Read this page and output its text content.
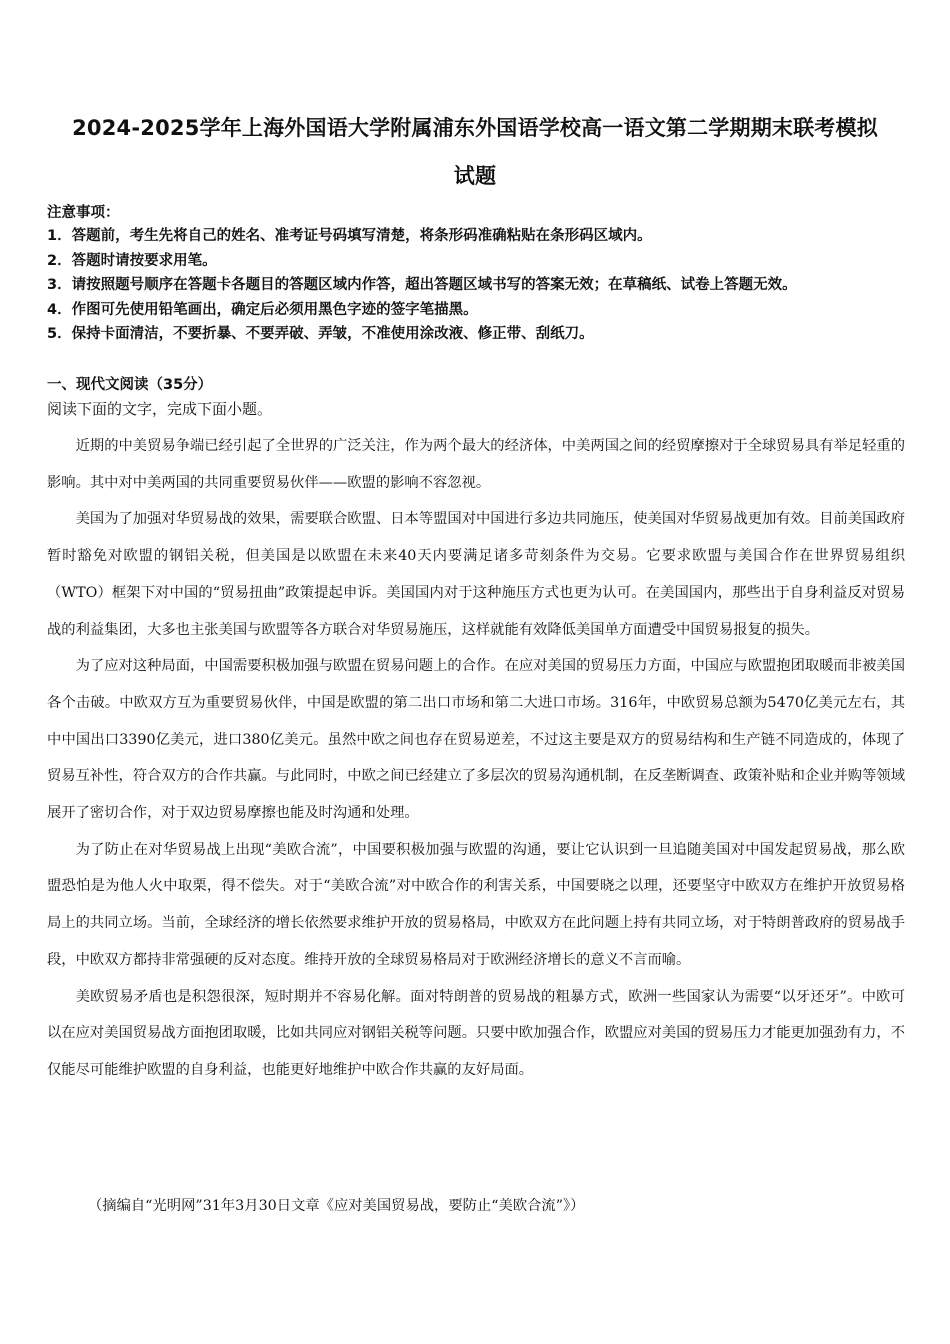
2024-2025学年上海外国语大学附属浦东外国语学校高一语文第二学期期末联考模拟
试题
注意事项：
1．答题前，考生先将自己的姓名、准考证号码填写清楚，将条形码准确粘贴在条形码区域内。
2．答题时请按要求用笔。
3．请按照题号顺序在答题卡各题目的答题区域内作答，超出答题区域书写的答案无效；在草稿纸、试卷上答题无效。
4．作图可先使用铅笔画出，确定后必须用黑色字迹的签字笔描黑。
5．保持卡面清洁，不要折暴、不要弄破、弄皱，不准使用涂改液、修正带、刮纸刀。
一、现代文阅读（35分）
阅读下面的文字，完成下面小题。

近期的中美贸易争端已经引起了全世界的广泛关注，作为两个最大的经济体，中美两国之间的经贸摩擦对于全球贸易具有举足轻重的影响。其中对中美两国的共同重要贸易伙伴——欧盟的影响不容忽视。

美国为了加强对华贸易战的效果，需要联合欧盟、日本等盟国对中国进行多边共同施压，使美国对华贸易战更加有效。目前美国政府暂时豁免对欧盟的钢铝关税，但美国是以欧盟在未来40天内要满足诸多苛刻条件为交易。它要求欧盟与美国合作在世界贸易组织（WTO）框架下对中国的“贸易扭曲”政策提起申诉。美国国内对于这种施压方式也更为认可。在美国国内，那些出于自身利益反对贸易战的利益集团，大多也主张美国与欧盟等各方联合对华贸易施压，这样就能有效降低美国单方面遭受中国贸易报复的损失。

为了应对这种局面，中国需要积极加强与欧盟在贸易问题上的合作。在应对美国的贸易压力方面，中国应与欧盟抱团取暖而非被美国各个击破。中欧双方互为重要贸易伙伴，中国是欧盟的第二出口市场和第二大进口市场。316年，中欧贸易总额为5470亿美元左右，其中中国出口3390亿美元，进口380亿美元。虽然中欧之间也存在贸易逆差，不过这主要是双方的贸易结构和生产链不同造成的，体现了贸易互补性，符合双方的合作共赢。与此同时，中欧之间已经建立了多层次的贸易沟通机制，在反垄断调查、政策补贴和企业并购等领域展开了密切合作，对于双边贸易摩擦也能及时沟通和处理。

为了防止在对华贸易战上出现“美欧合流”，中国要积极加强与欧盟的沟通，要让它认识到一旦追随美国对中国发起贸易战，那么欧盟恐怕是为他人火中取栗，得不偿失。对于“美欧合流”对中欧合作的利害关系，中国要晓之以理，还要坚守中欧双方在维护开放贸易格局上的共同立场。当前，全球经济的增长依然要求维护开放的贸易格局，中欧双方在此问题上持有共同立场，对于特朗普政府的贸易战手段，中欧双方都持非常强硬的反对态度。维持开放的全球贸易格局对于欧洲经济增长的意义不言而喻。

美欧贸易矛盾也是积怨很深，短时期并不容易化解。面对特朗普的贸易战的粗暴方式，欧洲一些国家认为需要“以牙还牙”。中欧可以在应对美国贸易战方面抱团取暖，比如共同应对钢铝关税等问题。只要中欧加强合作，欧盟应对美国的贸易压力才能更加强劲有力，不仅能尽可能维护欧盟的自身利益，也能更好地维护中欧合作共赢的友好局面。

（摘编自“光明网”31年3月30日文章《应对美国贸易战，要防止“美欧合流”》）
